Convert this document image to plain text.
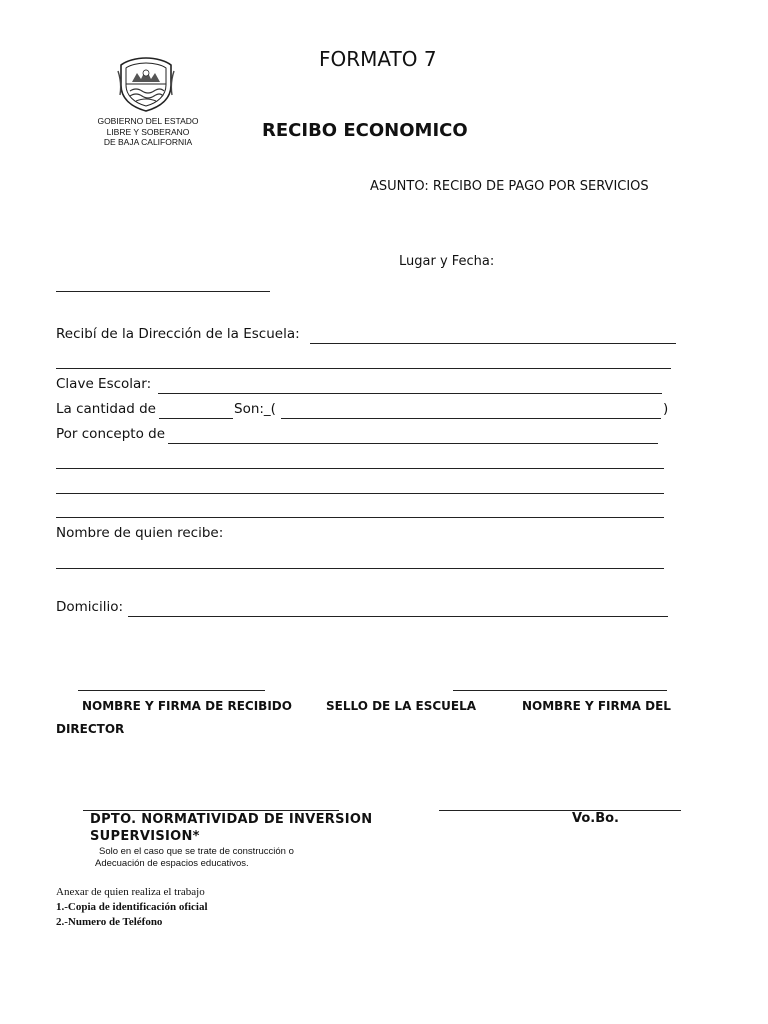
FORMATO 7
GOBIERNO DEL ESTADO
LIBRE Y SOBERANO
DE BAJA CALIFORNIA
RECIBO ECONOMICO
ASUNTO: RECIBO DE PAGO POR SERVICIOS
Lugar y Fecha:
Recibí de la Dirección de la Escuela:
Clave Escolar:
La cantidad de	Son:_(	)
Por concepto de
Nombre de quien recibe:
Domicilio:
NOMBRE Y FIRMA DE RECIBIDO	SELLO DE LA ESCUELA	NOMBRE Y FIRMA DEL
DIRECTOR
DPTO. NORMATIVIDAD DE INVERSION
SUPERVISION*
Vo.Bo.
Solo en el caso que se trate de construcción o
Adecuación de espacios educativos.
Anexar de quien realiza el trabajo
1.-Copia de identificación oficial
2.-Numero de Teléfono
